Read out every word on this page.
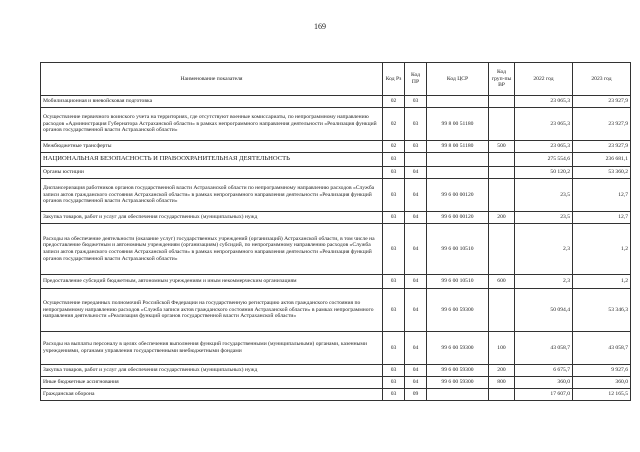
169
Наименование показателя	Код Рз	Код ПР	Код ЦСР	Код груп-пы ВР	2022 год	2023 год
Мобилизационная и вневойсковая подготовка	02	03			23 065,3	23 927,9
Осуществление первичного воинского учета на территориях, где отсутствуют военные комиссариаты, по непрограммному направлению расходов «Администрация Губернатора Астраханской области» в рамках непрограммного направления деятельности «Реализация функций органов государственной власти Астраханской области»	02	03	99 8 00 51180		23 065,3	23 927,9
Межбюджетные трансферты	02	03	99 8 00 51180	500	23 065,3	23 927,9
НАЦИОНАЛЬНАЯ БЕЗОПАСНОСТЬ И ПРАВООХРАНИТЕЛЬНАЯ ДЕЯТЕЛЬНОСТЬ	03				275 554,6	236 681,1
Органы юстиции	03	04			50 120,2	53 360,2
Диспансеризация работников органов государственной власти Астраханской области по непрограммному направлению расходов «Служба записи актов гражданского состояния Астраханской области» в рамках непрограммного направления деятельности «Реализация функций органов государственной власти Астраханской области»	03	04	99 6 00 00120		23,5	12,7
Закупка товаров, работ и услуг для обеспечения государственных (муниципальных) нужд	03	04	99 6 00 00120	200	23,5	12,7
Расходы на обеспечение деятельности (оказание услуг) государственных учреждений (организаций) Астраханской области, в том числе на предоставление бюджетным и автономным учреждениям (организациям) субсидий, по непрограммному направлению расходов «Служба записи актов гражданского состояния Астраханской области» в рамках непрограммного направления деятельности «Реализация функций органов государственной власти Астраханской области»	03	04	99 6 00 10510		2,3	1,2
Предоставление субсидий бюджетным, автономным учреждениям и иным некоммерческим организациям	03	04	99 6 00 10510	600	2,3	1,2
Осуществление переданных полномочий Российской Федерации на государственную регистрацию актов гражданского состояния по непрограммному направлению расходов «Служба записи актов гражданского состояния Астраханской области» в рамках непрограммного направления деятельности «Реализация функций органов государственной власти Астраханской области»	03	04	99 6 00 59300		50 094,4	53 346,3
Расходы на выплаты персоналу в целях обеспечения выполнения функций государственными (муниципальными) органами, казенными учреждениями, органами управления государственными внебюджетными фондами	03	04	99 6 00 59300	100	43 058,7	43 058,7
Закупка товаров, работ и услуг для обеспечения государственных (муниципальных) нужд	03	04	99 6 00 59300	200	6 675,7	9 927,6
Иные бюджетные ассигнования	03	04	99 6 00 59300	800	360,0	360,0
Гражданская оборона	03	09			17 607,0	12 165,5
